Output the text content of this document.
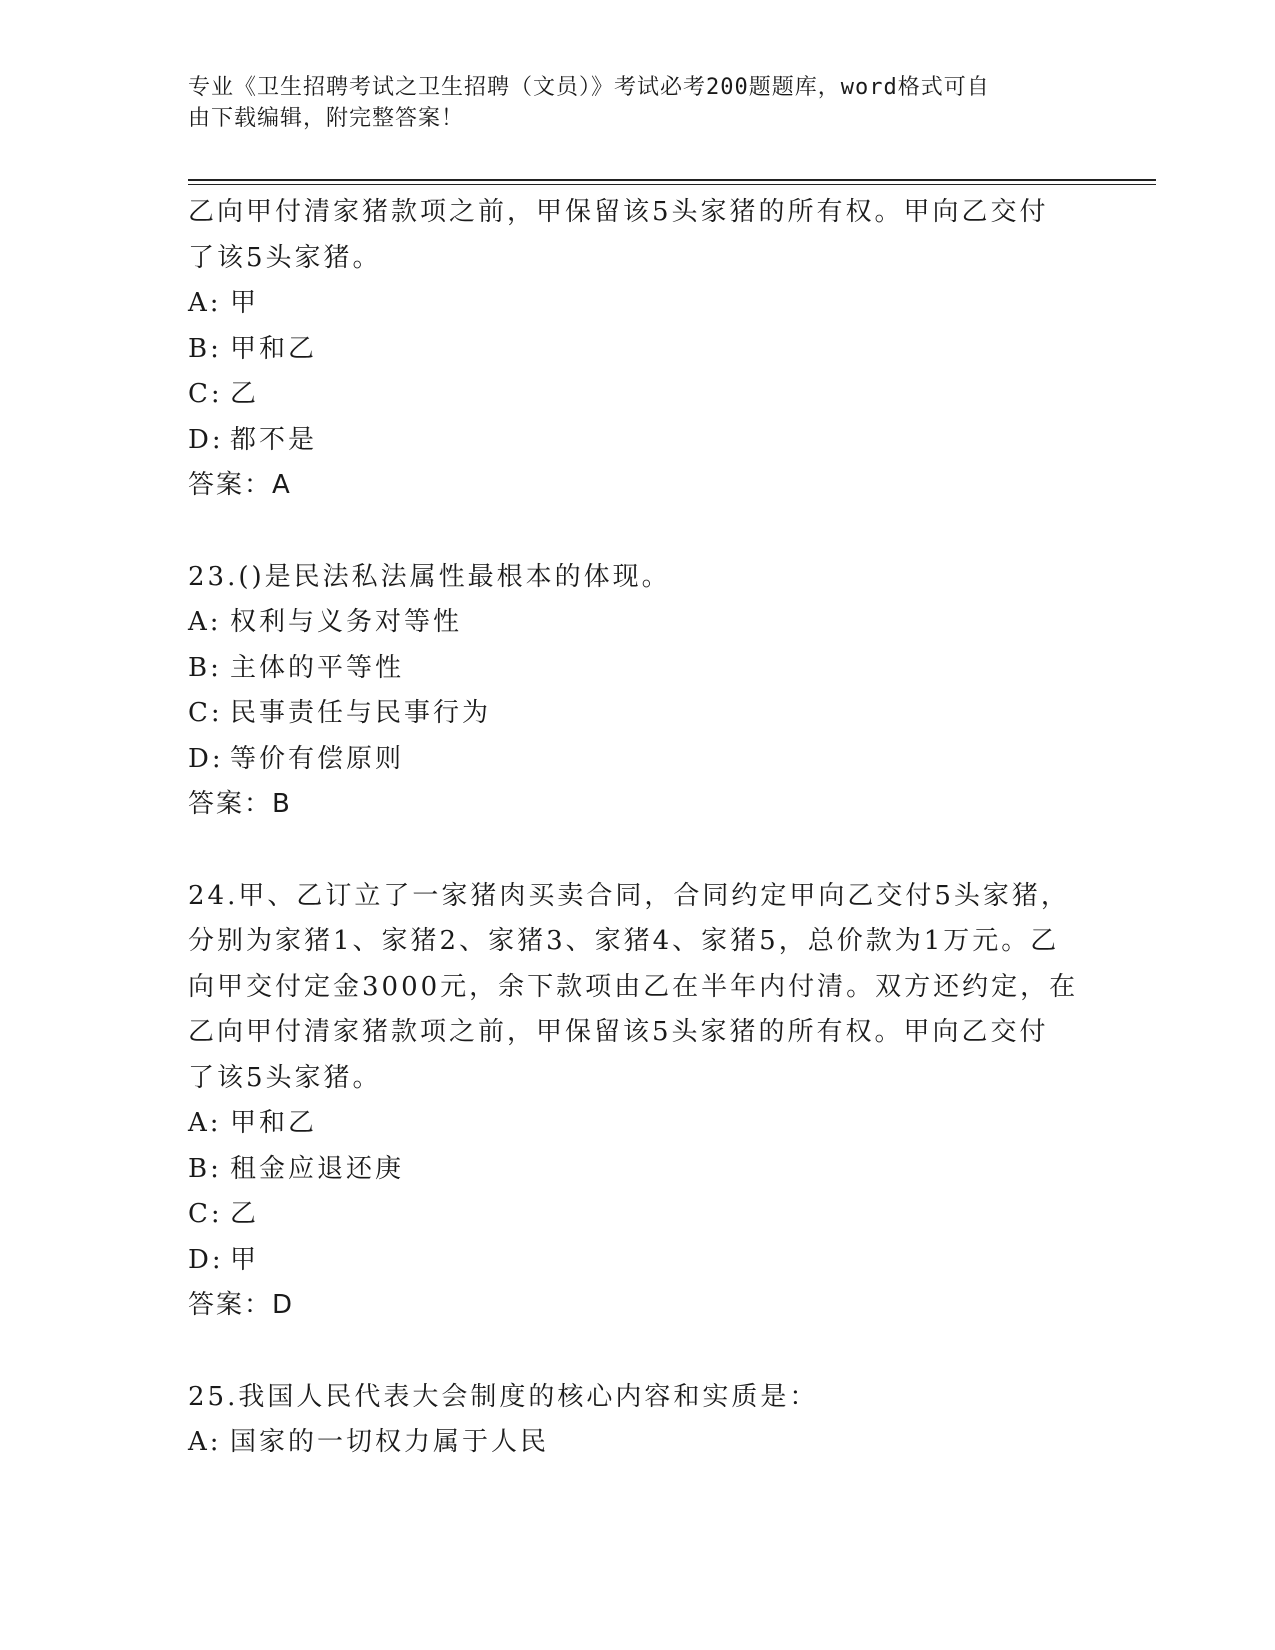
专业《卫生招聘考试之卫生招聘（文员）》考试必考200题题库，word格式可自
由下载编辑，附完整答案！
乙向甲付清家猪款项之前，甲保留该5头家猪的所有权。甲向乙交付
了该5头家猪。
A: 甲
B: 甲和乙
C: 乙
D: 都不是
答案：A
23.()是民法私法属性最根本的体现。
A: 权利与义务对等性
B: 主体的平等性
C: 民事责任与民事行为
D: 等价有偿原则
答案：B
24.甲、乙订立了一家猪肉买卖合同，合同约定甲向乙交付5头家猪，
分别为家猪1、家猪2、家猪3、家猪4、家猪5，总价款为1万元。乙
向甲交付定金3000元，余下款项由乙在半年内付清。双方还约定，在
乙向甲付清家猪款项之前，甲保留该5头家猪的所有权。甲向乙交付
了该5头家猪。
A: 甲和乙
B: 租金应退还庚
C: 乙
D: 甲
答案：D
25.我国人民代表大会制度的核心内容和实质是：
A: 国家的一切权力属于人民
